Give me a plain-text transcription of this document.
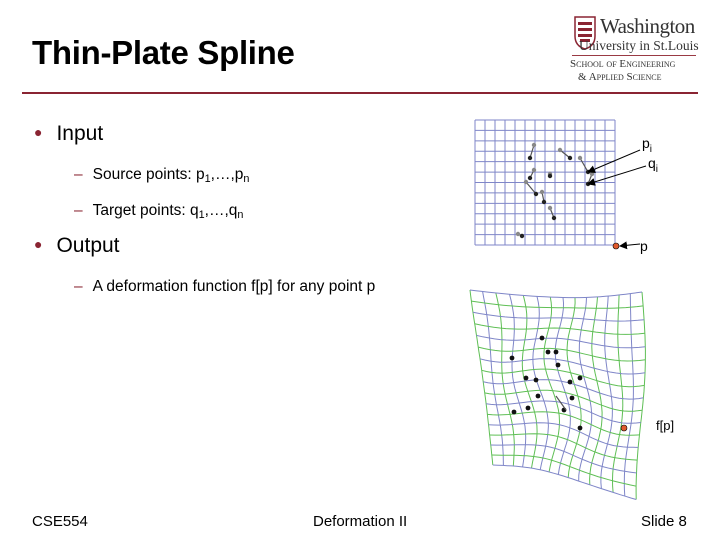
Thin-Plate Spline
Washington
University in St.Louis
School of Engineering
& Applied Science
● Input
– Source points: $p_1,\dots,p_n$
– Target points: $q_1,\dots,q_n$
● Output
– A deformation function f[p] for any point p
$p_i$
$q_i$
p
f[p]
CSE554	Deformation II	Slide 8
